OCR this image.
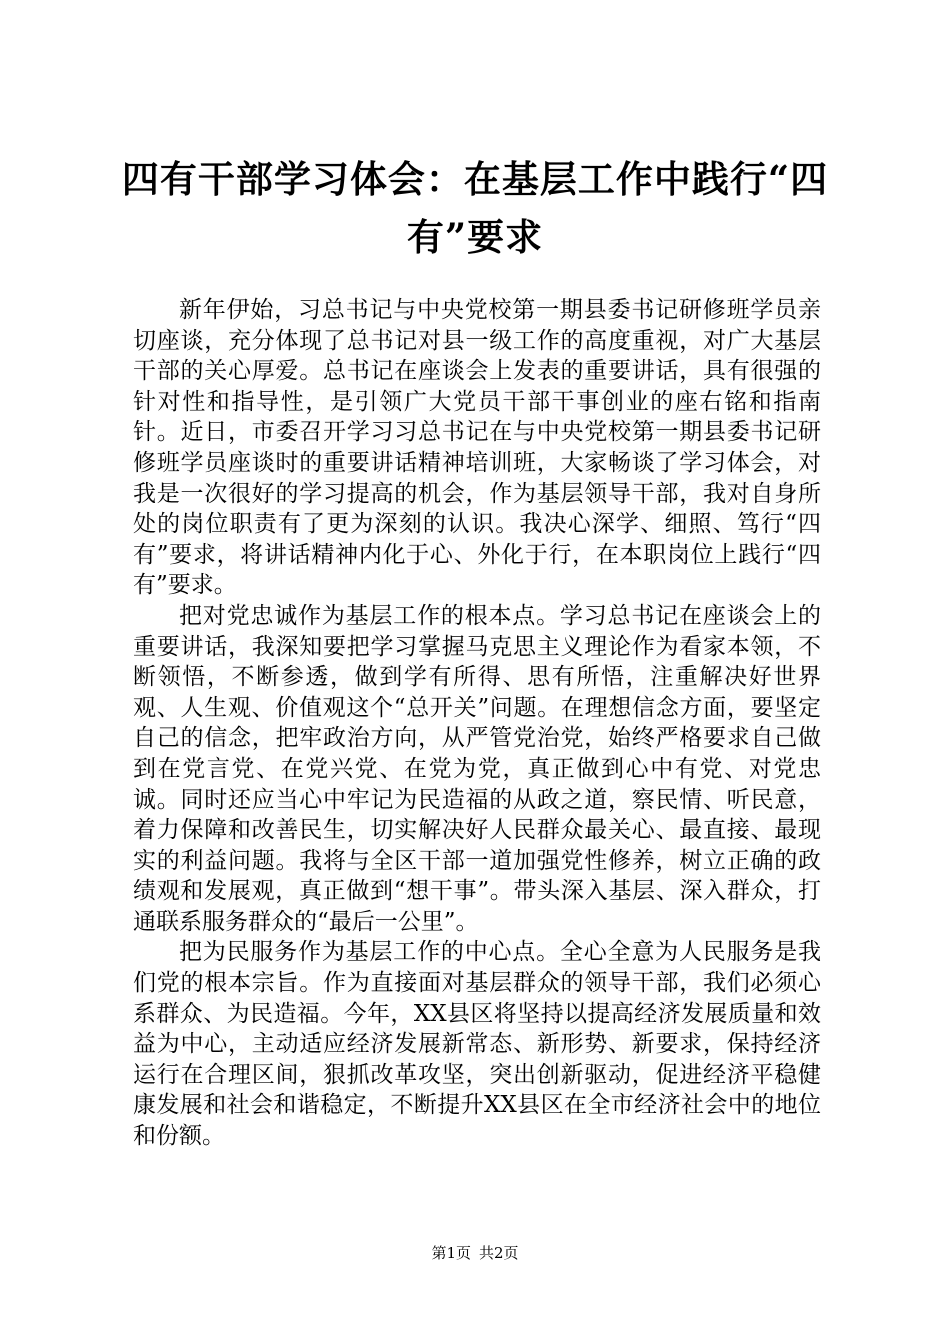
四有干部学习体会：在基层工作中践行“四有”要求

新年伊始，习总书记与中央党校第一期县委书记研修班学员亲切座谈，充分体现了总书记对县一级工作的高度重视，对广大基层干部的关心厚爱。总书记在座谈会上发表的重要讲话，具有很强的针对性和指导性，是引领广大党员干部干事创业的座右铭和指南针。近日，市委召开学习习总书记在与中央党校第一期县委书记研修班学员座谈时的重要讲话精神培训班，大家畅谈了学习体会，对我是一次很好的学习提高的机会，作为基层领导干部，我对自身所处的岗位职责有了更为深刻的认识。我决心深学、细照、笃行“四有”要求，将讲话精神内化于心、外化于行，在本职岗位上践行“四有”要求。

把对党忠诚作为基层工作的根本点。学习总书记在座谈会上的重要讲话，我深知要把学习掌握马克思主义理论作为看家本领，不断领悟，不断参透，做到学有所得、思有所悟，注重解决好世界观、人生观、价值观这个“总开关”问题。在理想信念方面，要坚定自己的信念，把牢政治方向，从严管党治党，始终严格要求自己做到在党言党、在党兴党、在党为党，真正做到心中有党、对党忠诚。同时还应当心中牢记为民造福的从政之道，察民情、听民意，着力保障和改善民生，切实解决好人民群众最关心、最直接、最现实的利益问题。我将与全区干部一道加强党性修养，树立正确的政绩观和发展观，真正做到“想干事”。带头深入基层、深入群众，打通联系服务群众的“最后一公里”。

把为民服务作为基层工作的中心点。全心全意为人民服务是我们党的根本宗旨。作为直接面对基层群众的领导干部，我们必须心系群众、为民造福。今年，XX县区将坚持以提高经济发展质量和效益为中心，主动适应经济发展新常态、新形势、新要求，保持经济运行在合理区间，狠抓改革攻坚，突出创新驱动，促进经济平稳健康发展和社会和谐稳定，不断提升XX县区在全市经济社会中的地位和份额。

第1页 共2页
